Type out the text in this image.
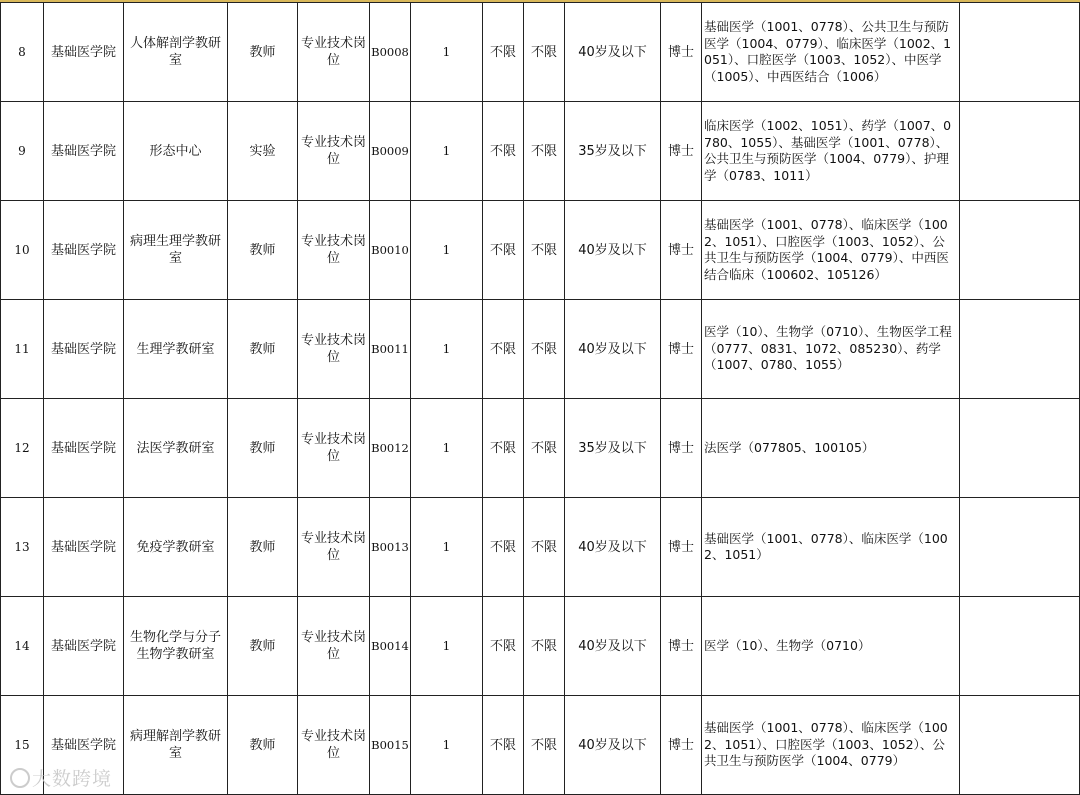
8	基础医学院	人体解剖学教研室	教师	专业技术岗位	B0008	1	不限	不限	40岁及以下	博士	基础医学（1001、0778）、公共卫生与预防医学（1004、0779）、临床医学（1002、1051）、口腔医学（1003、1052）、中医学（1005）、中西医结合（1006）	
9	基础医学院	形态中心	实验	专业技术岗位	B0009	1	不限	不限	35岁及以下	博士	临床医学（1002、1051）、药学（1007、0780、1055）、基础医学（1001、0778）、公共卫生与预防医学（1004、0779）、护理学（0783、1011）	
10	基础医学院	病理生理学教研室	教师	专业技术岗位	B0010	1	不限	不限	40岁及以下	博士	基础医学（1001、0778）、临床医学（1002、1051）、口腔医学（1003、1052）、公共卫生与预防医学（1004、0779）、中西医结合临床（100602、105126）	
11	基础医学院	生理学教研室	教师	专业技术岗位	B0011	1	不限	不限	40岁及以下	博士	医学（10）、生物学（0710）、生物医学工程（0777、0831、1072、085230）、药学（1007、0780、1055）	
12	基础医学院	法医学教研室	教师	专业技术岗位	B0012	1	不限	不限	35岁及以下	博士	法医学（077805、100105）	
13	基础医学院	免疫学教研室	教师	专业技术岗位	B0013	1	不限	不限	40岁及以下	博士	基础医学（1001、0778）、临床医学（1002、1051）	
14	基础医学院	生物化学与分子生物学教研室	教师	专业技术岗位	B0014	1	不限	不限	40岁及以下	博士	医学（10）、生物学（0710）	
15	基础医学院	病理解剖学教研室	教师	专业技术岗位	B0015	1	不限	不限	40岁及以下	博士	基础医学（1001、0778）、临床医学（1002、1051）、口腔医学（1003、1052）、公共卫生与预防医学（1004、0779）	
大数跨境
